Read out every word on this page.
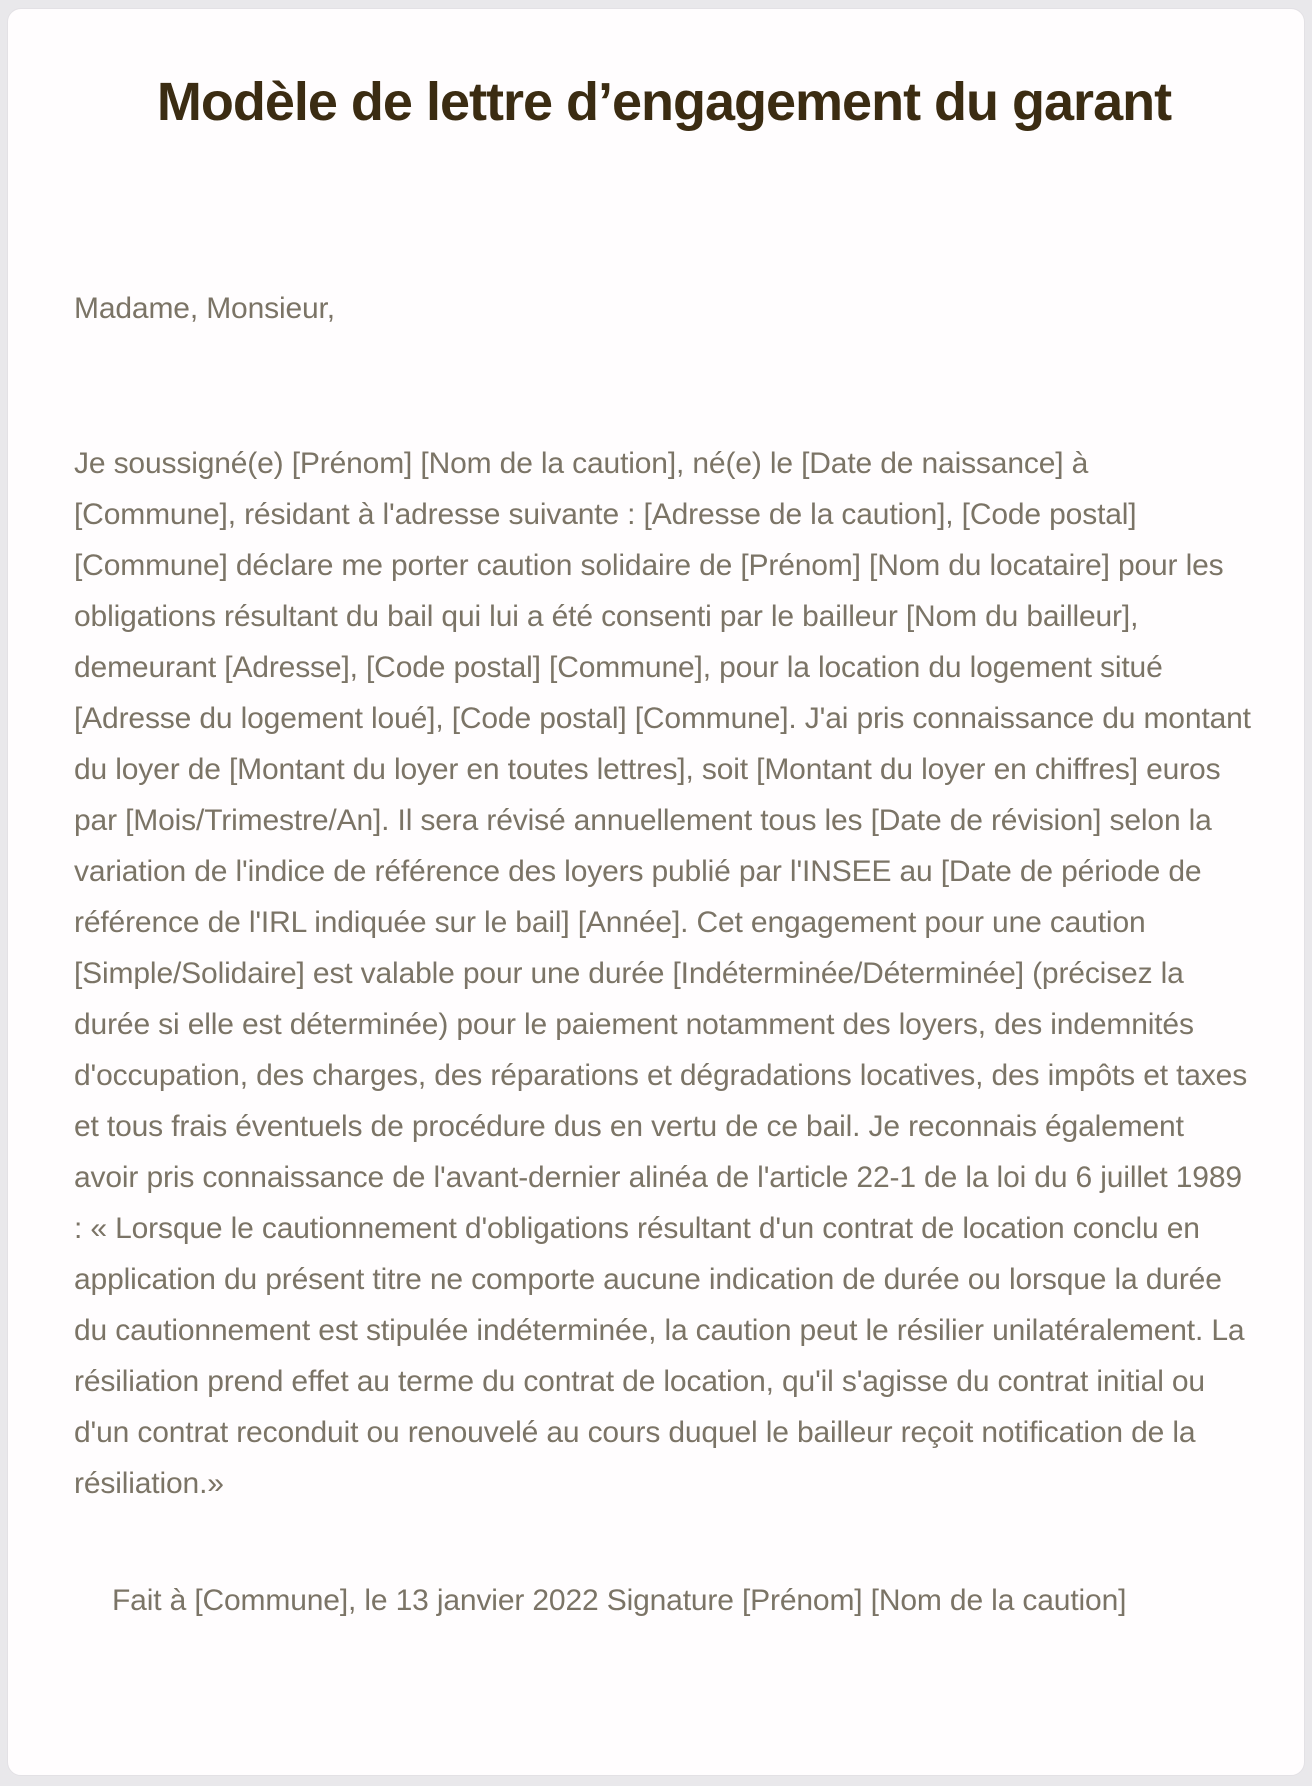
Modèle de lettre d’engagement du garant

Madame, Monsieur,

Je soussigné(e) [Prénom] [Nom de la caution], né(e) le [Date de naissance] à [Commune], résidant à l'adresse suivante : [Adresse de la caution], [Code postal] [Commune] déclare me porter caution solidaire de [Prénom] [Nom du locataire] pour les obligations résultant du bail qui lui a été consenti par le bailleur [Nom du bailleur], demeurant [Adresse], [Code postal] [Commune], pour la location du logement situé [Adresse du logement loué], [Code postal] [Commune]. J'ai pris connaissance du montant du loyer de [Montant du loyer en toutes lettres], soit [Montant du loyer en chiffres] euros par [Mois/Trimestre/An]. Il sera révisé annuellement tous les [Date de révision] selon la variation de l'indice de référence des loyers publié par l'INSEE au [Date de période de référence de l'IRL indiquée sur le bail] [Année]. Cet engagement pour une caution [Simple/Solidaire] est valable pour une durée [Indéterminée/Déterminée] (précisez la durée si elle est déterminée) pour le paiement notamment des loyers, des indemnités d'occupation, des charges, des réparations et dégradations locatives, des impôts et taxes et tous frais éventuels de procédure dus en vertu de ce bail. Je reconnais également avoir pris connaissance de l'avant-dernier alinéa de l'article 22-1 de la loi du 6 juillet 1989 : « Lorsque le cautionnement d'obligations résultant d'un contrat de location conclu en application du présent titre ne comporte aucune indication de durée ou lorsque la durée du cautionnement est stipulée indéterminée, la caution peut le résilier unilatéralement. La résiliation prend effet au terme du contrat de location, qu'il s'agisse du contrat initial ou d'un contrat reconduit ou renouvelé au cours duquel le bailleur reçoit notification de la résiliation.»

Fait à [Commune], le 13 janvier 2022 Signature [Prénom] [Nom de la caution]
